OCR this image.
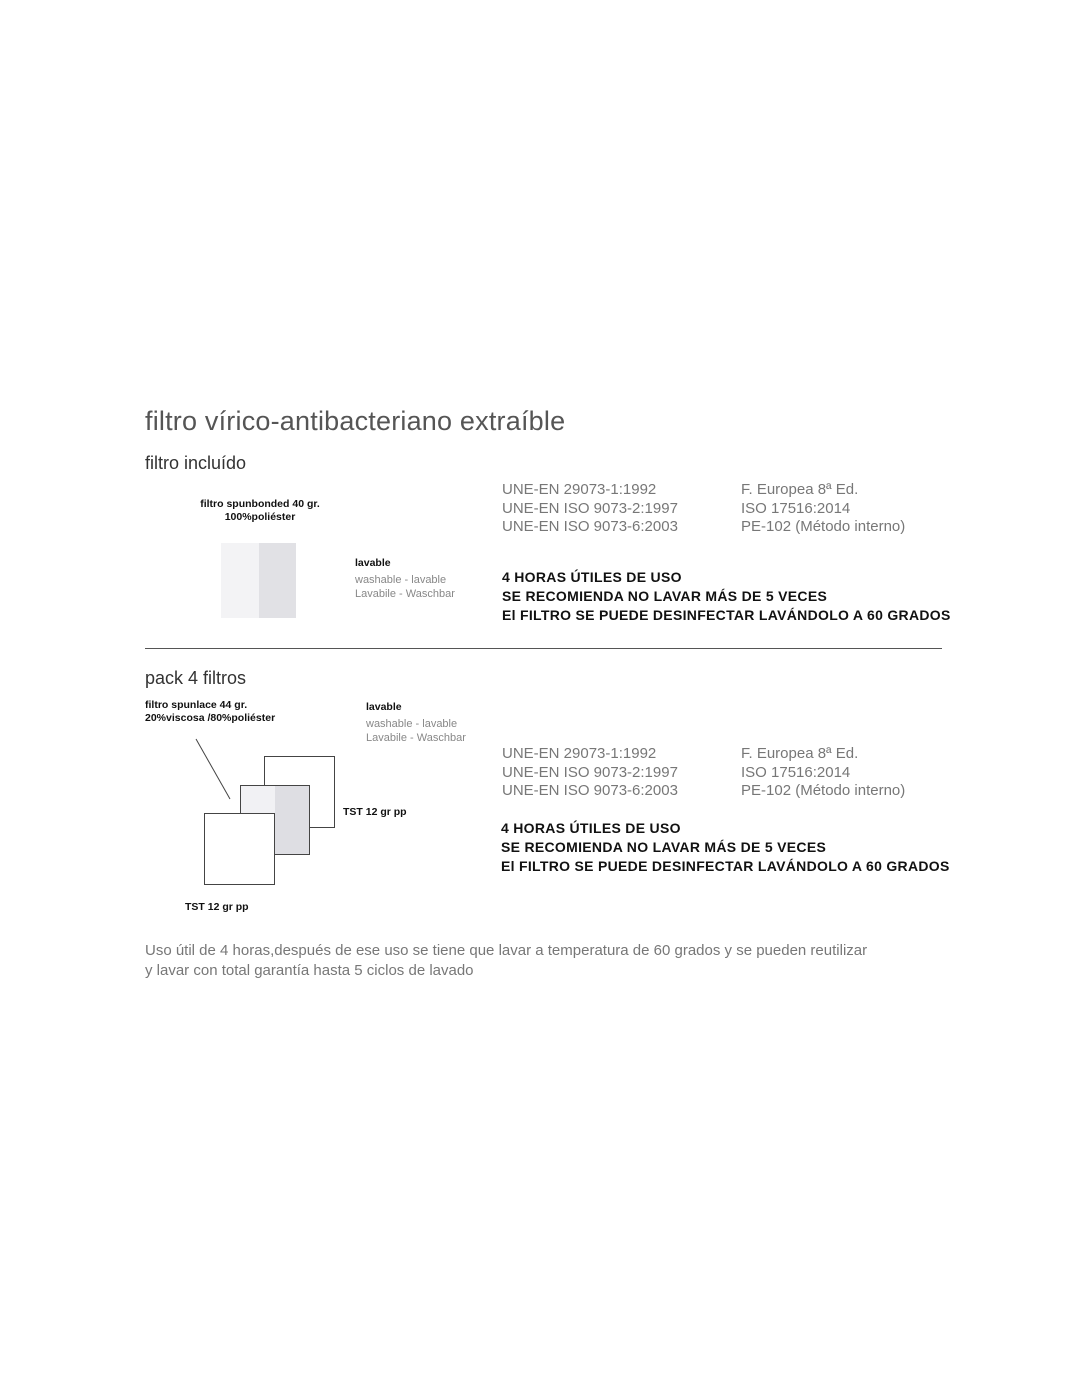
filtro vírico-antibacteriano extraíble
filtro incluído
filtro spunbonded 40 gr.
100%poliéster
lavable
washable - lavable
Lavabile - Waschbar
UNE-EN 29073-1:1992
UNE-EN ISO 9073-2:1997
UNE-EN ISO 9073-6:2003
F. Europea 8ª Ed.
ISO 17516:2014
PE-102 (Método interno)
4 HORAS ÚTILES DE USO
SE RECOMIENDA NO LAVAR MÁS DE 5 VECES
El FILTRO SE PUEDE DESINFECTAR LAVÁNDOLO A 60 GRADOS
pack 4 filtros
filtro spunlace 44 gr.
20%viscosa /80%poliéster
lavable
washable - lavable
Lavabile - Waschbar
TST 12 gr pp
TST 12 gr pp
UNE-EN 29073-1:1992
UNE-EN ISO 9073-2:1997
UNE-EN ISO 9073-6:2003
F. Europea 8ª Ed.
ISO 17516:2014
PE-102 (Método interno)
4 HORAS ÚTILES DE USO
SE RECOMIENDA NO LAVAR MÁS DE 5 VECES
El FILTRO SE PUEDE DESINFECTAR LAVÁNDOLO A 60 GRADOS
Uso útil de 4 horas,después de ese uso se tiene que lavar a temperatura de 60 grados y se pueden reutilizar
y lavar con total garantía hasta 5 ciclos de lavado
